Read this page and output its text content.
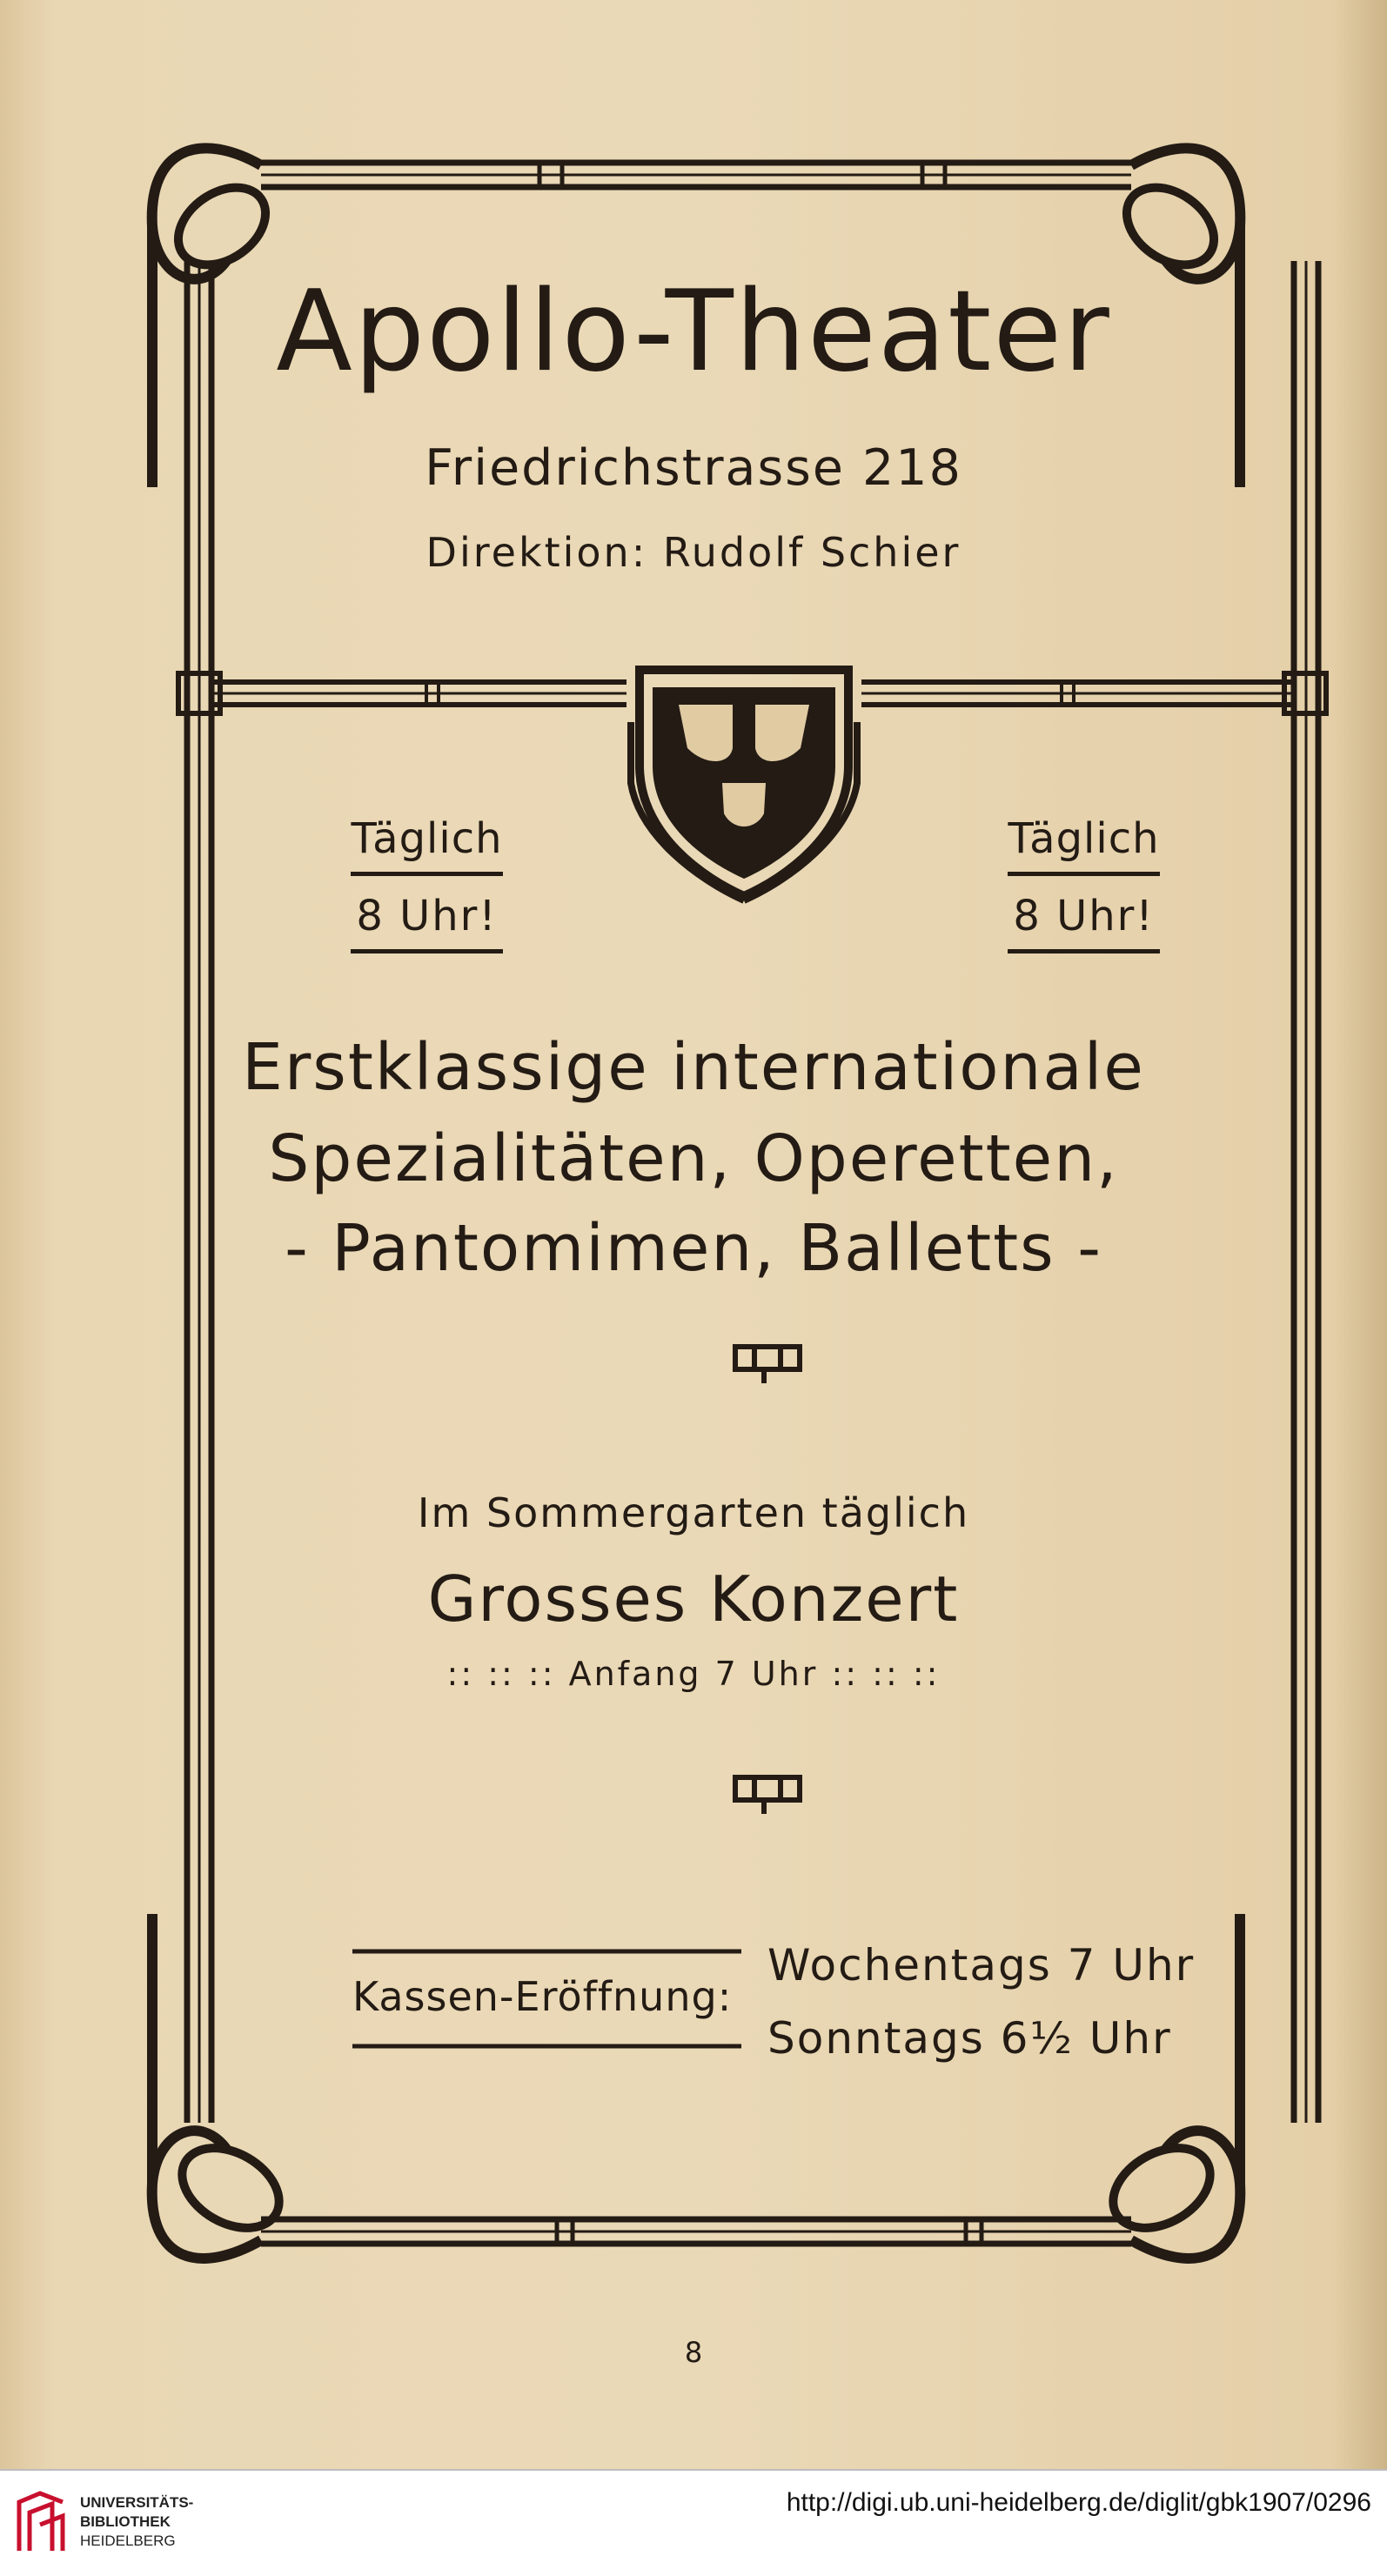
Apollo-Theater
Friedrichstrasse 218
Direktion: Rudolf Schier
Täglich
8 Uhr!
Täglich
8 Uhr!
Erstklassige internationale
Spezialitäten, Operetten,
- Pantomimen, Balletts -
Im Sommergarten täglich
Grosses Konzert
:: :: :: Anfang 7 Uhr :: :: ::
Kassen-Eröffnung:
Wochentags 7 Uhr
Sonntags 6½ Uhr
8
UNIVERSITÄTS-
BIBLIOTHEK
HEIDELBERG
http://digi.ub.uni-heidelberg.de/diglit/gbk1907/0296
